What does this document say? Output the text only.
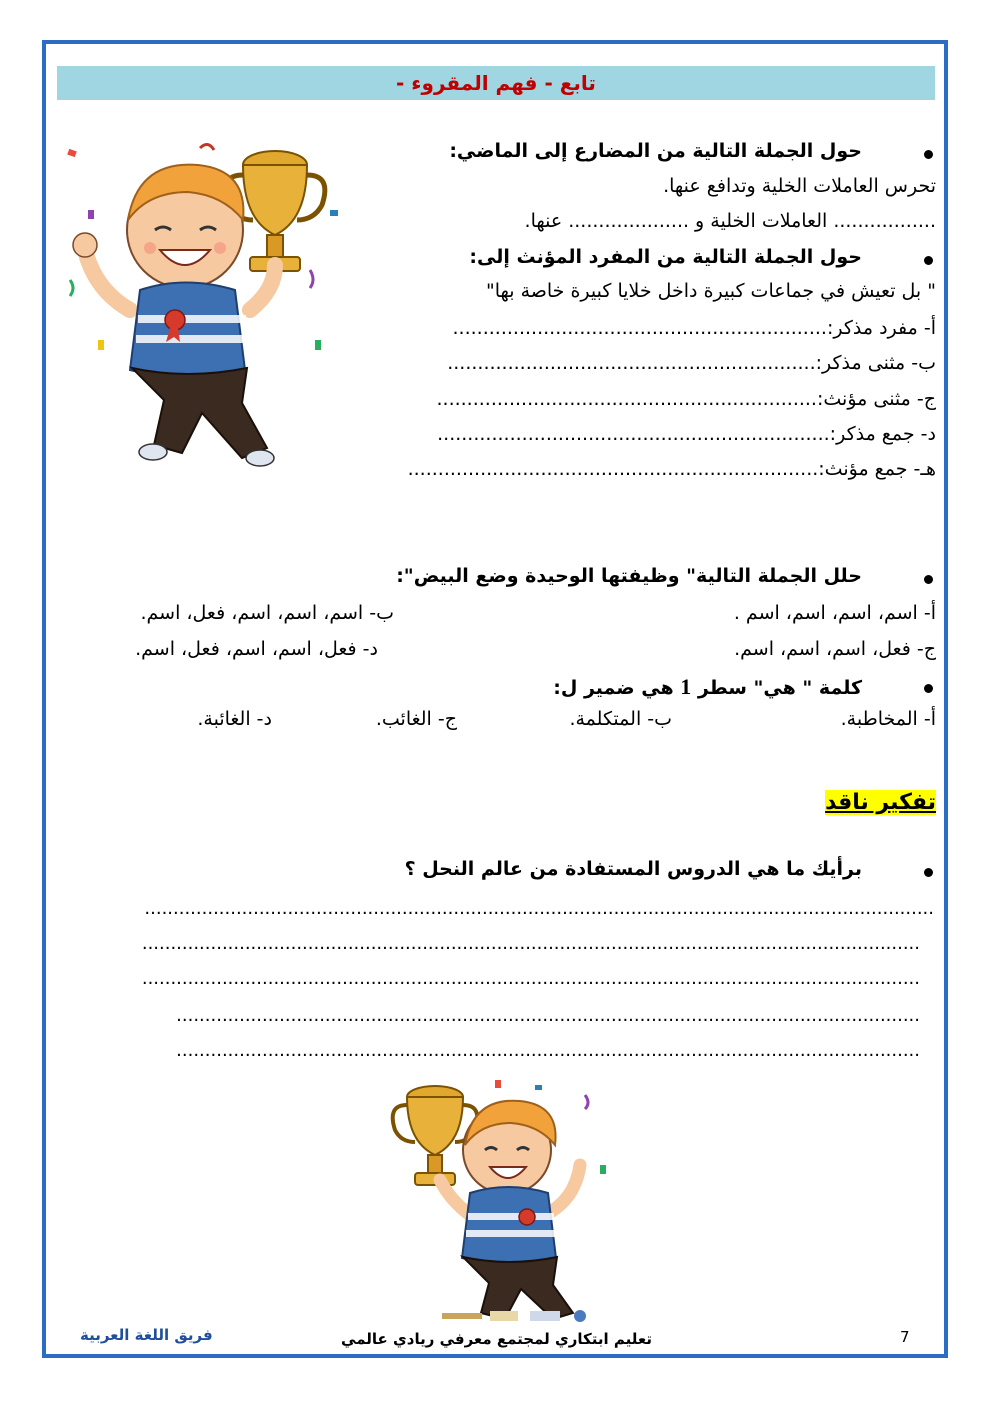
تابع - فهم المقروء -
حول الجملة التالية من المضارع إلى الماضي:
تحرس العاملات الخلية وتدافع عنها.
................. العاملات الخلية و .................... عنها.
حول الجملة التالية من المفرد المؤنث إلى:
" بل تعيش في جماعات كبيرة داخل خلايا كبيرة خاصة بها"
أ- مفرد مذكر:..............................................................
ب- مثنى مذكر:.............................................................
ج- مثنى مؤنث:...............................................................
د- جمع مذكر:.................................................................
هـ- جمع مؤنث:....................................................................
حلل الجملة التالية" وظيفتها الوحيدة وضع البيض":
أ- اسم، اسم، اسم، اسم .
ب- اسم، اسم، اسم، فعل، اسم.
ج- فعل، اسم، اسم، اسم.
د- فعل، اسم، اسم، فعل، اسم.
كلمة " هي" سطر 1 هي ضمير ل:
أ- المخاطبة.
ب- المتكلمة.
ج- الغائب.
د- الغائبة.
تفكير ناقد
برأيك ما هي الدروس المستفادة من عالم النحل ؟
..........................................................................................................................................
........................................................................................................................................
........................................................................................................................................
..................................................................................................................................
..................................................................................................................................
فريق اللغة العربية	تعليم ابتكاري لمجتمع معرفي ريادي عالمي	7
